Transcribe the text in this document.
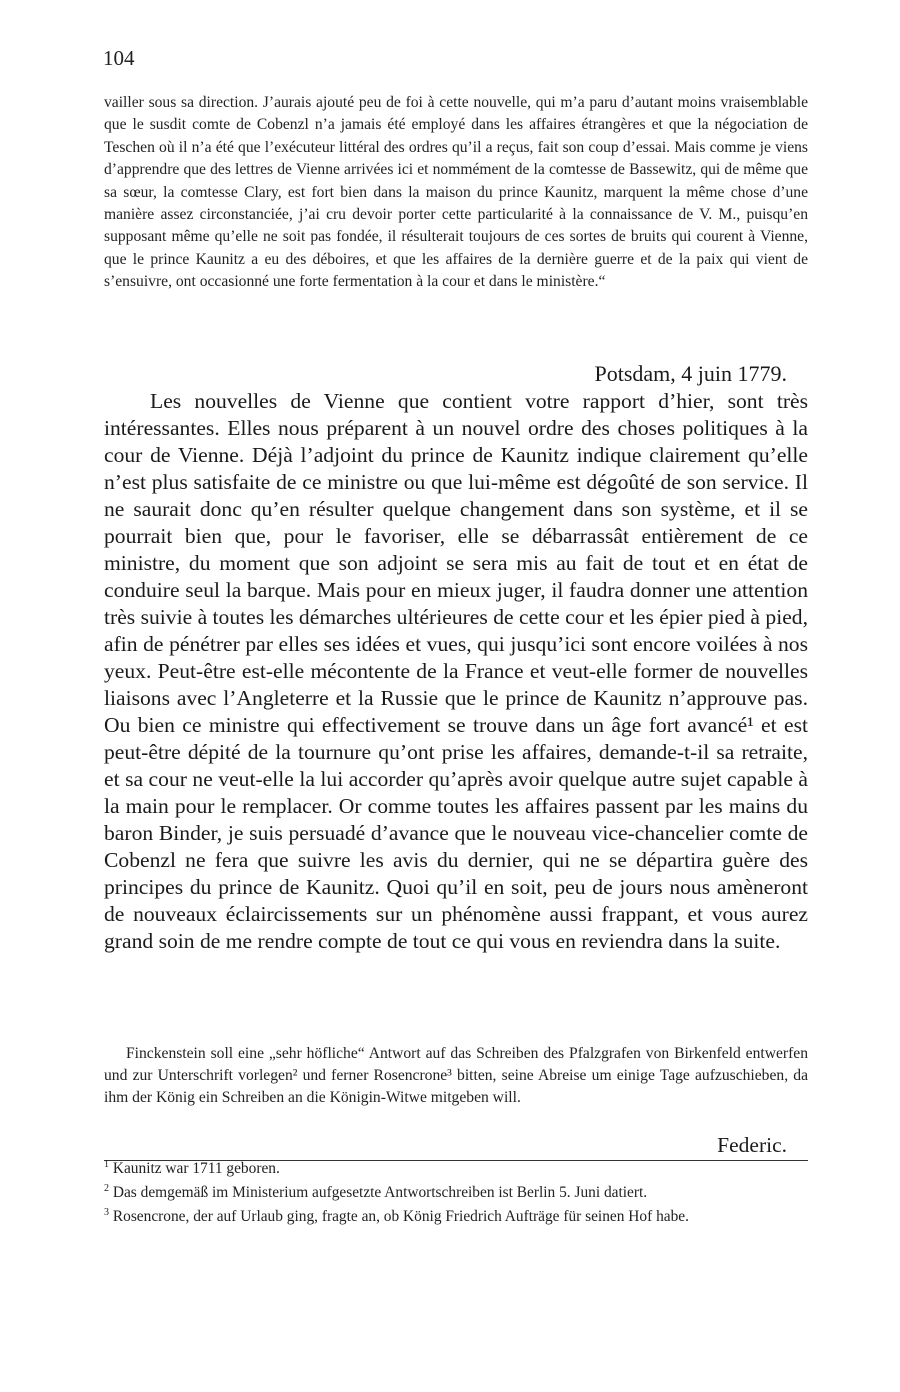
104
vailler sous sa direction. J’aurais ajouté peu de foi à cette nouvelle, qui m’a paru d’autant moins vraisemblable que le susdit comte de Cobenzl n’a jamais été employé dans les affaires étrangères et que la négociation de Teschen où il n’a été que l’exécuteur littéral des ordres qu’il a reçus, fait son coup d’essai. Mais comme je viens d’apprendre que des lettres de Vienne arrivées ici et nommément de la comtesse de Bassewitz, qui de même que sa sœur, la comtesse Clary, est fort bien dans la maison du prince Kaunitz, marquent la même chose d’une manière assez circonstanciée, j’ai cru devoir porter cette particularité à la connaissance de V. M., puisqu’en supposant même qu’elle ne soit pas fondée, il résulterait toujours de ces sortes de bruits qui courent à Vienne, que le prince Kaunitz a eu des déboires, et que les affaires de la dernière guerre et de la paix qui vient de s’ensuivre, ont occasionné une forte fermentation à la cour et dans le ministère.“
Potsdam, 4 juin 1779.
Les nouvelles de Vienne que contient votre rapport d’hier, sont très intéressantes. Elles nous préparent à un nouvel ordre des choses politiques à la cour de Vienne. Déjà l’adjoint du prince de Kaunitz indique clairement qu’elle n’est plus satisfaite de ce ministre ou que lui-même est dégoûté de son service. Il ne saurait donc qu’en résulter quelque changement dans son système, et il se pourrait bien que, pour le favoriser, elle se débarrassât entièrement de ce ministre, du moment que son adjoint se sera mis au fait de tout et en état de conduire seul la barque. Mais pour en mieux juger, il faudra donner une attention très suivie à toutes les démarches ultérieures de cette cour et les épier pied à pied, afin de pénétrer par elles ses idées et vues, qui jusqu’ici sont encore voilées à nos yeux. Peut-être est-elle mécontente de la France et veut-elle former de nouvelles liaisons avec l’Angleterre et la Russie que le prince de Kaunitz n’approuve pas. Ou bien ce ministre qui effectivement se trouve dans un âge fort avancé¹ et est peut-être dépité de la tournure qu’ont prise les affaires, demande-t-il sa retraite, et sa cour ne veut-elle la lui accorder qu’après avoir quelque autre sujet capable à la main pour le remplacer. Or comme toutes les affaires passent par les mains du baron Binder, je suis persuadé d’avance que le nouveau vice-chancelier comte de Cobenzl ne fera que suivre les avis du dernier, qui ne se départira guère des principes du prince de Kaunitz. Quoi qu’il en soit, peu de jours nous amèneront de nouveaux éclaircissements sur un phénomène aussi frappant, et vous aurez grand soin de me rendre compte de tout ce qui vous en reviendra dans la suite.
Finckenstein soll eine „sehr höfliche“ Antwort auf das Schreiben des Pfalzgrafen von Birkenfeld entwerfen und zur Unterschrift vorlegen² und ferner Rosencrone³ bitten, seine Abreise um einige Tage aufzuschieben, da ihm der König ein Schreiben an die Königin-Witwe mitgeben will.
Federic.

$^1$ Kaunitz war 1711 geboren.

$^2$ Das demgemäß im Ministerium aufgesetzte Antwortschreiben ist Berlin 5. Juni datiert.

$^3$ Rosencrone, der auf Urlaub ging, fragte an, ob König Friedrich Aufträge für seinen Hof habe.
